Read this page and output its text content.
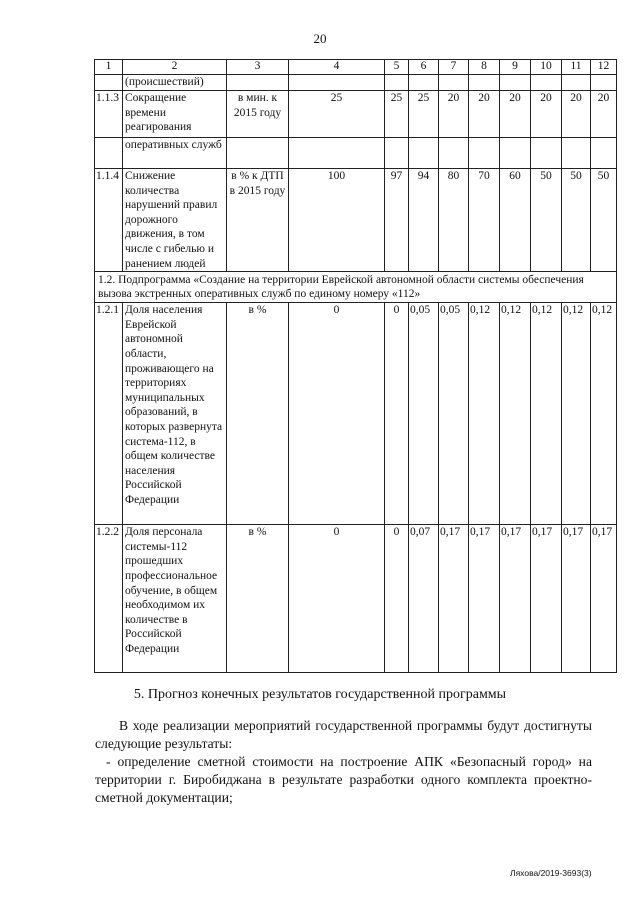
20
1	2	3	4	5	6	7	8	9	10	11	12
	(происшествий)										
1.1.3	Сокращение времени реагирования	в мин. к 2015 году	25	25	25	20	20	20	20	20	20
	оперативных служб										
1.1.4	Снижение количества нарушений правил дорожного движения, в том числе с гибелью и ранением людей	в % к ДТП в 2015 году	100	97	94	80	70	60	50	50	50
1.2. Подпрограмма «Создание на территории Еврейской автономной области системы обеспечения вызова экстренных оперативных служб по единому номеру «112»											
1.2.1	Доля населения Еврейской автономной области, проживающего на территориях муниципальных образований, в которых развернута система-112, в общем количестве населения Российской Федерации	в %	0	0	0,05	0,05	0,12	0,12	0,12	0,12	0,12
1.2.2	Доля персонала системы-112 прошедших профессиональное обучение, в общем необходимом их количестве в Российской Федерации	в %	0	0	0,07	0,17	0,17	0,17	0,17	0,17	0,17
5. Прогноз конечных результатов государственной программы

В ходе реализации мероприятий государственной программы будут достигнуты следующие результаты:

- определение сметной стоимости на построение АПК «Безопасный город» на территории г. Биробиджана в результате разработки одного комплекта проектно-сметной документации;

Ляхова/2019-3693(3)
